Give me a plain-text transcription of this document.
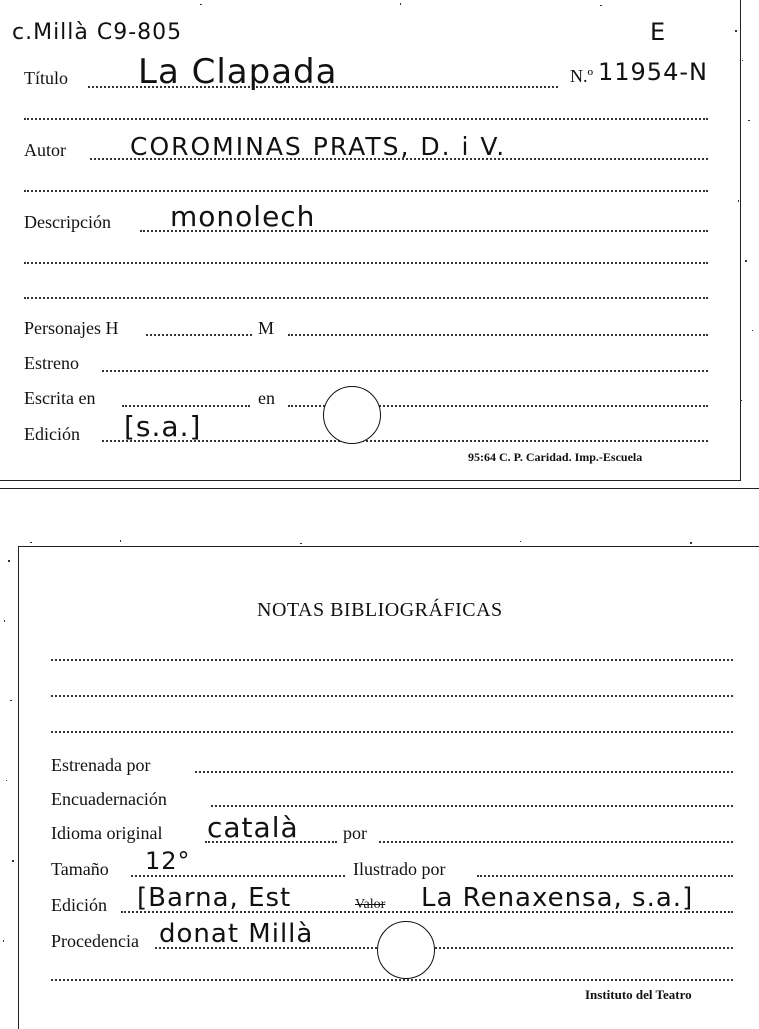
c.Millà C9-805	E
Título La Clapada	N.º 11954-N
Autor	COROMINAS PRATS, D. i V.
Descripción monolech
Personajes H	M
Estreno
Escrita en	en
Edición [s.a.]
95:64 C. P. Caridad. Imp.-Escuela
NOTAS BIBLIOGRÁFICAS
Estrenada por
Encuadernación
Idioma original català por
Tamaño 12°	Ilustrado por
Edición [Barna, Est	Valor La Renaxensa, s.a.]
Procedencia donat Millà
Instituto del Teatro
